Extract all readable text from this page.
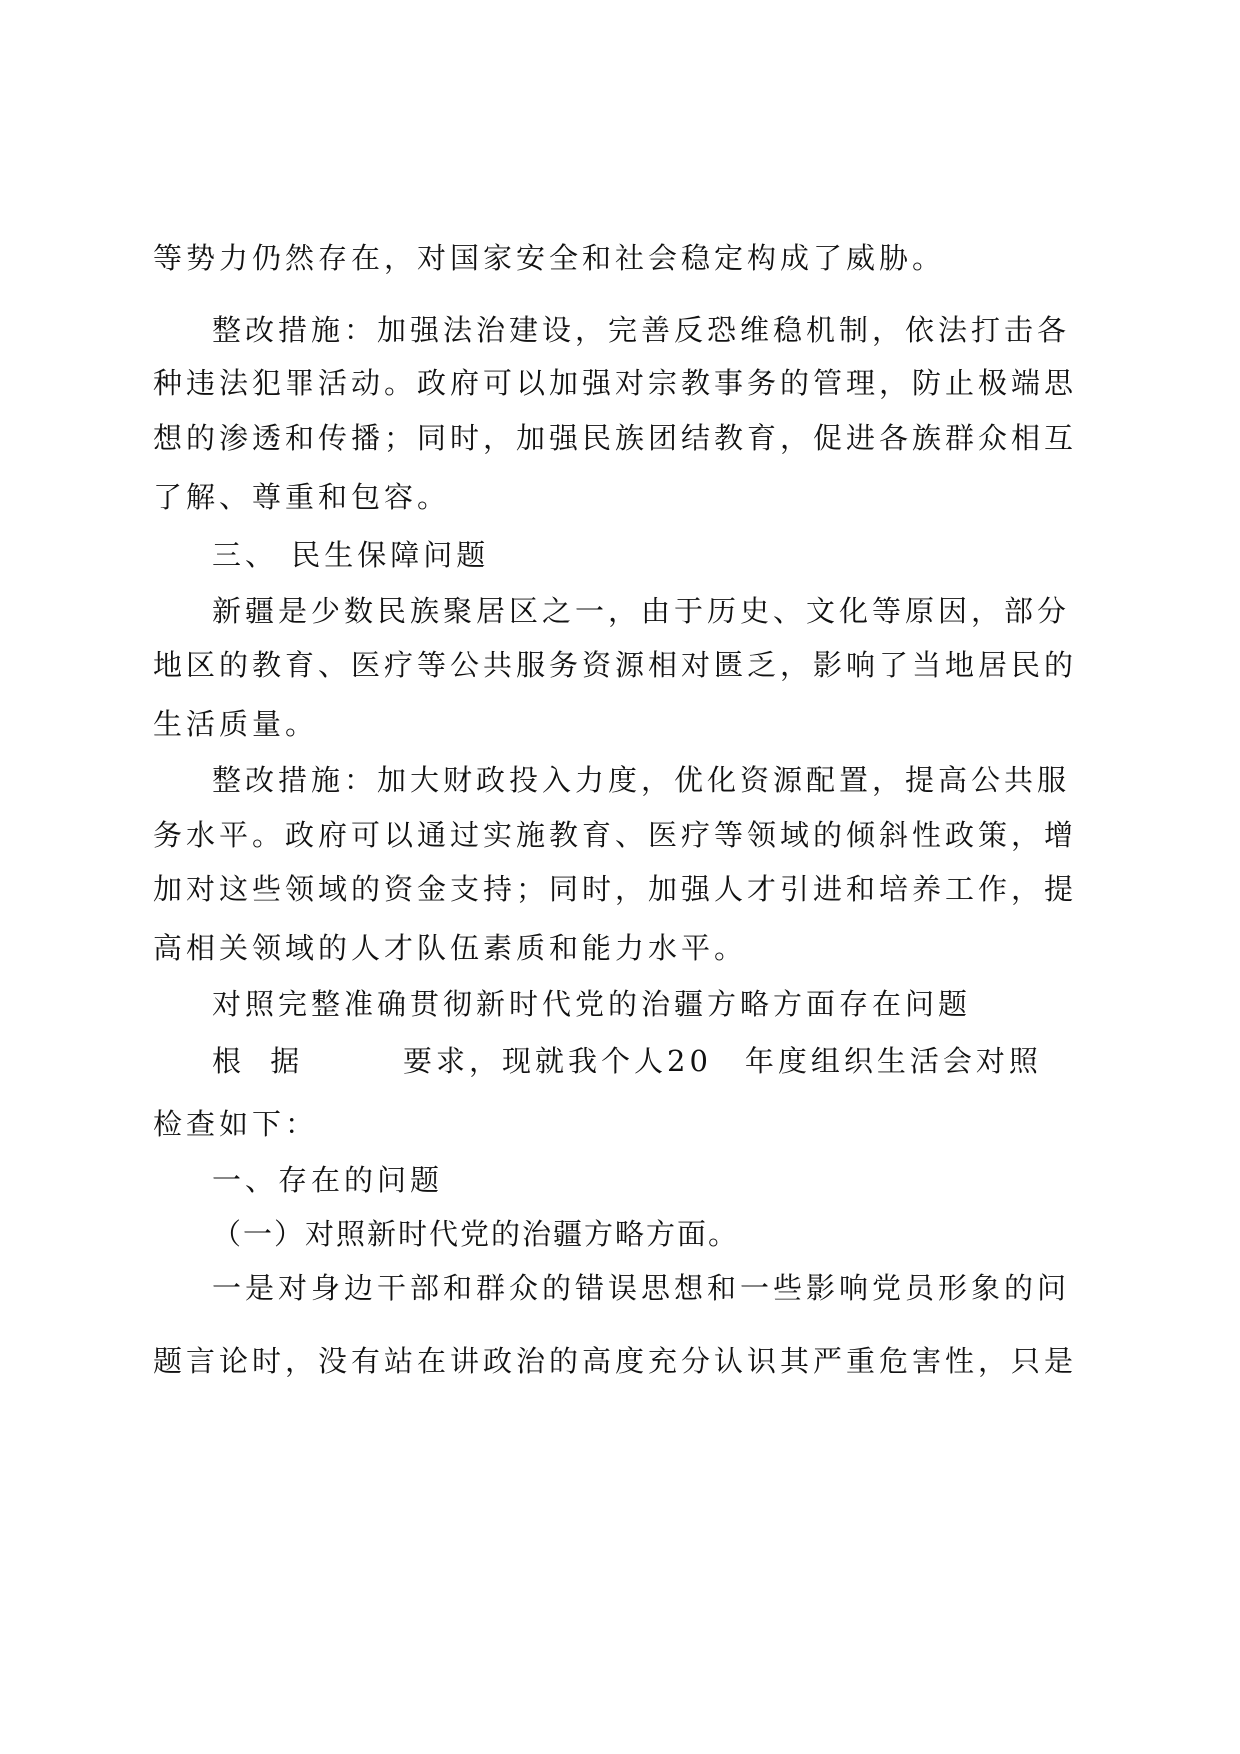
等势力仍然存在，对国家安全和社会稳定构成了威胁。
整改措施：加强法治建设，完善反恐维稳机制，依法打击各
种违法犯罪活动。政府可以加强对宗教事务的管理，防止极端思
想的渗透和传播；同时，加强民族团结教育，促进各族群众相互
了解、尊重和包容。
三、 民生保障问题
新疆是少数民族聚居区之一，由于历史、文化等原因，部分
地区的教育、医疗等公共服务资源相对匮乏，影响了当地居民的
生活质量。
整改措施：加大财政投入力度，优化资源配置，提高公共服
务水平。政府可以通过实施教育、医疗等领域的倾斜性政策，增
加对这些领域的资金支持；同时，加强人才引进和培养工作，提
高相关领域的人才队伍素质和能力水平。
对照完整准确贯彻新时代党的治疆方略方面存在问题
根 据	要求，现就我个人20　年度组织生活会对照
检查如下：
一、存在的问题
（一）对照新时代党的治疆方略方面。
一是对身边干部和群众的错误思想和一些影响党员形象的问
题言论时，没有站在讲政治的高度充分认识其严重危害性，只是
